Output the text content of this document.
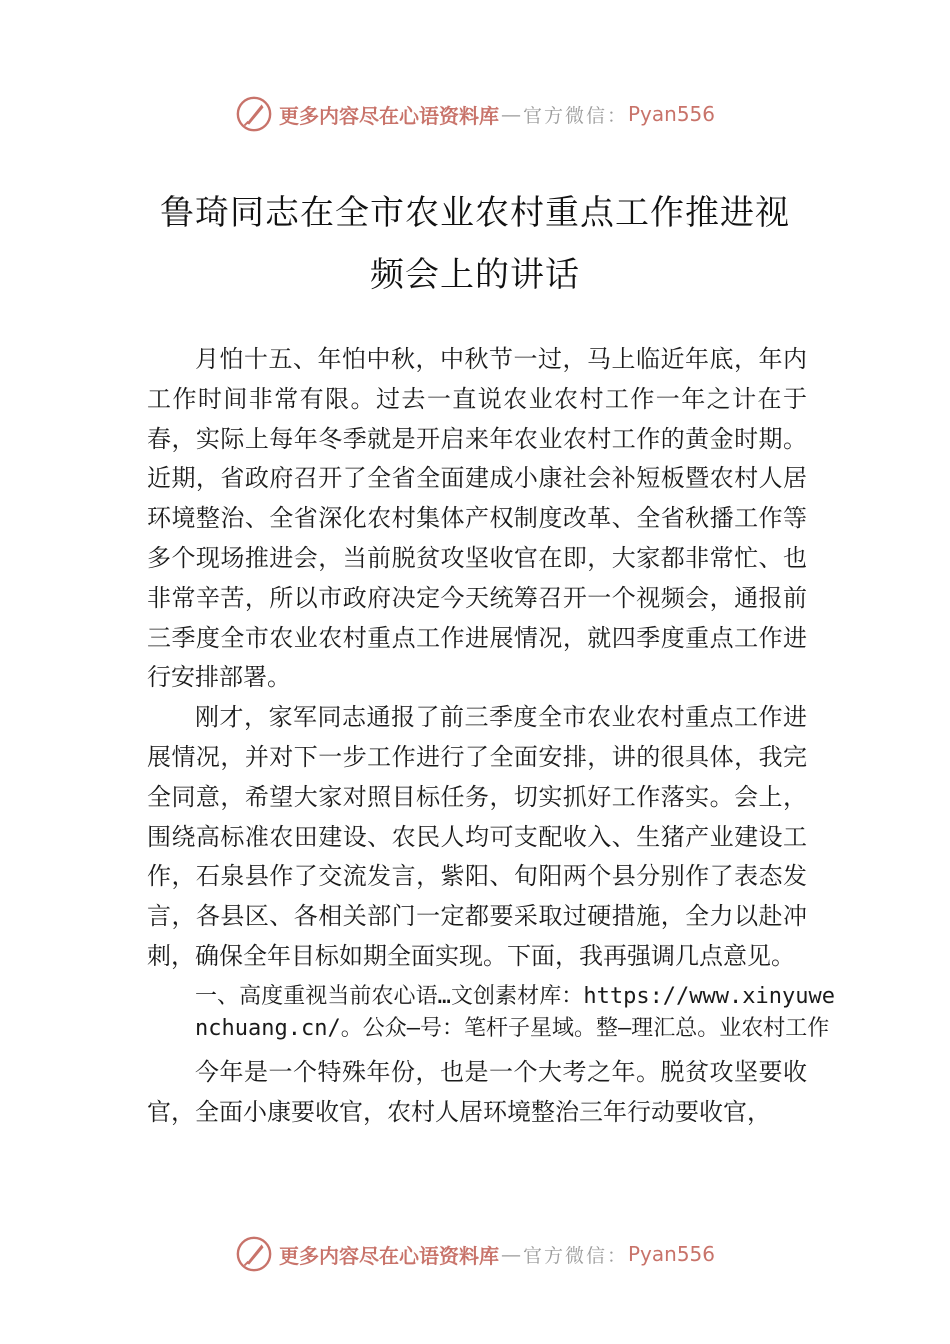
更多内容尽在心语资料库 — 官方微信： Pyan556
鲁琦同志在全市农业农村重点工作推进视
频会上的讲话

月怕十五、年怕中秋，中秋节一过，马上临近年底，年内工作时间非常有限。过去一直说农业农村工作一年之计在于春，实际上每年冬季就是开启来年农业农村工作的黄金时期。近期，省政府召开了全省全面建成小康社会补短板暨农村人居环境整治、全省深化农村集体产权制度改革、全省秋播工作等多个现场推进会，当前脱贫攻坚收官在即，大家都非常忙、也非常辛苦，所以市政府决定今天统筹召开一个视频会，通报前三季度全市农业农村重点工作进展情况，就四季度重点工作进行安排部署。

刚才，家军同志通报了前三季度全市农业农村重点工作进展情况，并对下一步工作进行了全面安排，讲的很具体，我完全同意，希望大家对照目标任务，切实抓好工作落实。会上，围绕高标准农田建设、农民人均可支配收入、生猪产业建设工作，石泉县作了交流发言，紫阳、旬阳两个县分别作了表态发言，各县区、各相关部门一定都要采取过硬措施，全力以赴冲刺，确保全年目标如期全面实现。下面，我再强调几点意见。

一、高度重视当前农心语…文创素材库：https://www.xinyuwenchuang.cn/。公众—号：笔杆子星域。整—理汇总。业农村工作

今年是一个特殊年份，也是一个大考之年。脱贫攻坚要收官，全面小康要收官，农村人居环境整治三年行动要收官，

更多内容尽在心语资料库 — 官方微信： Pyan556
